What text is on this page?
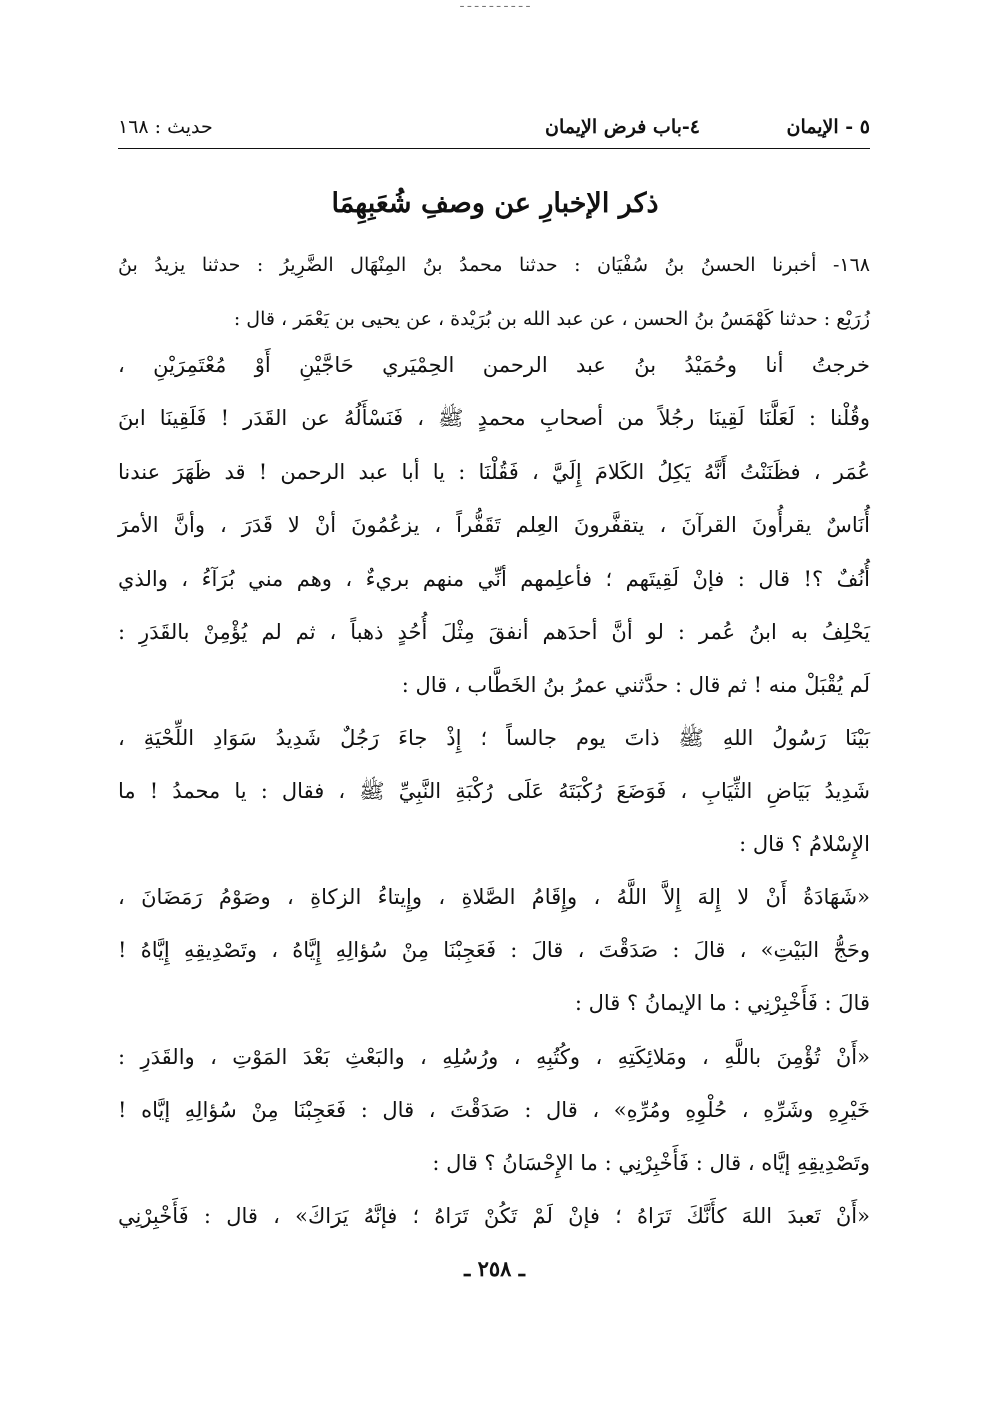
ـ ـ ـ ـ ـ ـ ـ ـ ـ ـ
٥ - الإيمان
٤-باب فرض الإيمان
حديث : ١٦٨
ذكر الإخبارِ عن وصفِ شُعَبِهِمَا
١٦٨- أخبرنا الحسنُ بنُ سُفْيَان : حدثنا محمدُ بنُ المِنْهَال الضَّرِيرُ : حدثنا يزيدُ بنُ
زُرَيْع : حدثنا كَهْمَسُ بنُ الحسن ، عن عبد الله بن بُرَيْدة ، عن يحيى بن يَعْمَر ، قال :
خرجتُ أنا وحُمَيْدُ بنُ عبد الرحمن الحِمْيَري حَاجَّيْنِ أَوْ مُعْتَمِرَيْنِ ،
وقُلْنا : لَعَلَّنَا لَقِينَا رجُلاً من أصحابِ محمدٍ ﷺ ، فَنَسْأَلُهُ عن القَدَر ! فَلَقِينَا ابنَ
عُمَر ، فظَنَنْتُ أَنَّهُ يَكِلُ الكَلامَ إِلَيَّ ، فَقُلْنَا : يا أبا عبد الرحمن ! قد ظَهَرَ عندنا
أُنَاسٌ يقرأُونَ القرآنَ ، يتقفَّرونَ العِلم تَقَفُّراً ، يزعُمُونَ أنْ لا قَدَرَ ، وأنَّ الأمرَ
أُنُفٌ ؟! قال : فإنْ لَقِيتَهم ؛ فأعلِمهم أنِّي منهم بريءٌ ، وهم مني بُرَآءُ ، والذي
يَحْلِفُ به ابنُ عُمر : لو أنَّ أحدَهم أنفقَ مِثْلَ أُحُدٍ ذهباً ، ثم لم يُؤْمِنْ بالقَدَرِ :
لَم يُقْبَلْ منه ! ثم قال : حدَّثني عمرُ بنُ الخَطَّاب ، قال :
بَيْنَا رَسُولُ اللهِ ﷺ ذاتَ يوم جالساً ؛ إِذْ جاءَ رَجُلٌ شَدِيدُ سَوَادِ اللِّحْيَةِ ،
شَدِيدُ بَيَاضِ الثِّيَابِ ، فَوَضَعَ رُكْبَتَهُ عَلَى رُكْبَةِ النَّبِيِّ ﷺ ، فقال : يا محمدُ ! ما
الإِسْلامُ ؟ قال :
«شَهَادَةُ أَنْ لا إِلهَ إِلاَّ اللَّهُ ، وإِقَامُ الصَّلاةِ ، وإِيتاءُ الزكاةِ ، وصَوْمُ رَمَضَانَ ،
وحَجُّ البَيْتِ» ، قالَ : صَدَقْتَ ، قالَ : فَعَجِبْنَا مِنْ سُؤالِهِ إِيَّاهُ ، وتَصْدِيقِهِ إِيَّاهُ !
قالَ : فَأَخْبِرْنِي : ما الإيمانُ ؟ قال :
«أَنْ تُؤْمِنَ باللَّهِ ، ومَلائِكَتِهِ ، وكُتُبِهِ ، ورُسُلِهِ ، والبَعْثِ بَعْدَ المَوْتِ ، والقَدَرِ :
خَيْرِهِ وشَرِّهِ ، حُلْوِهِ ومُرِّهِ» ، قال : صَدَقْتَ ، قال : فَعَجِبْنَا مِنْ سُؤالِهِ إيَّاه !
وتَصْدِيقِهِ إيَّاه ، قال : فَأَخْبِرْنِي : ما الإِحْسَانُ ؟ قال :
«أَنْ تَعبدَ اللهَ كأَنَّكَ تَرَاهُ ؛ فإنْ لَمْ تَكُنْ تَرَاهُ ؛ فإنَّهُ يَرَاكَ» ، قال : فَأَخْبِرْنِي
ـ ٢٥٨ ـ
